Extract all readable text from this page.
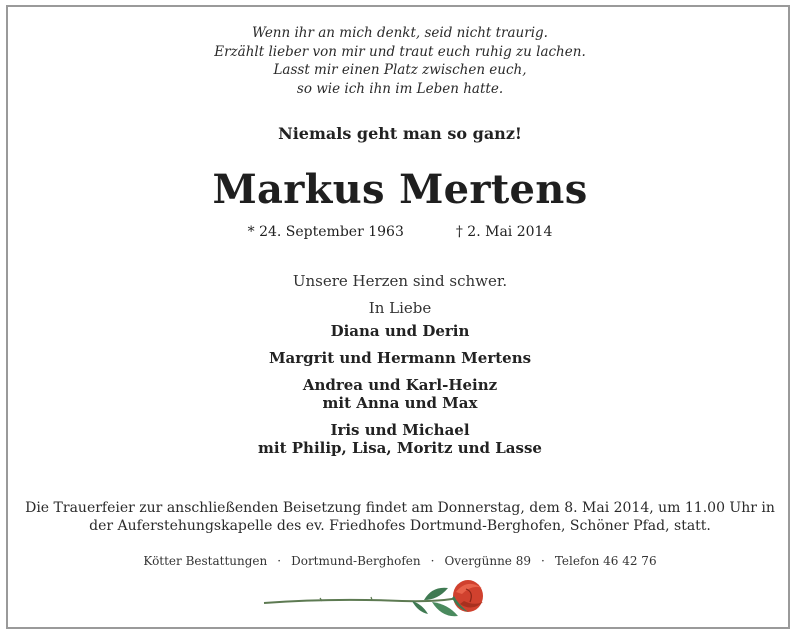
Wenn ihr an mich denkt, seid nicht traurig.
Erzählt lieber von mir und traut euch ruhig zu lachen.
Lasst mir einen Platz zwischen euch,
so wie ich ihn im Leben hatte.
Niemals geht man so ganz!
Markus Mertens
* 24. September 1963	† 2. Mai 2014
Unsere Herzen sind schwer.
In Liebe
Diana und Derin
Margrit und Hermann Mertens
Andrea und Karl-Heinz
mit Anna und Max
Iris und Michael
mit Philip, Lisa, Moritz und Lasse
Die Trauerfeier zur anschließenden Beisetzung findet am Donnerstag, dem 8. Mai 2014, um 11.00 Uhr in
der Auferstehungskapelle des ev. Friedhofes Dortmund-Berghofen, Schöner Pfad, statt.
Kötter Bestattungen · Dortmund-Berghofen · Overgünne 89 · Telefon 46 42 76
